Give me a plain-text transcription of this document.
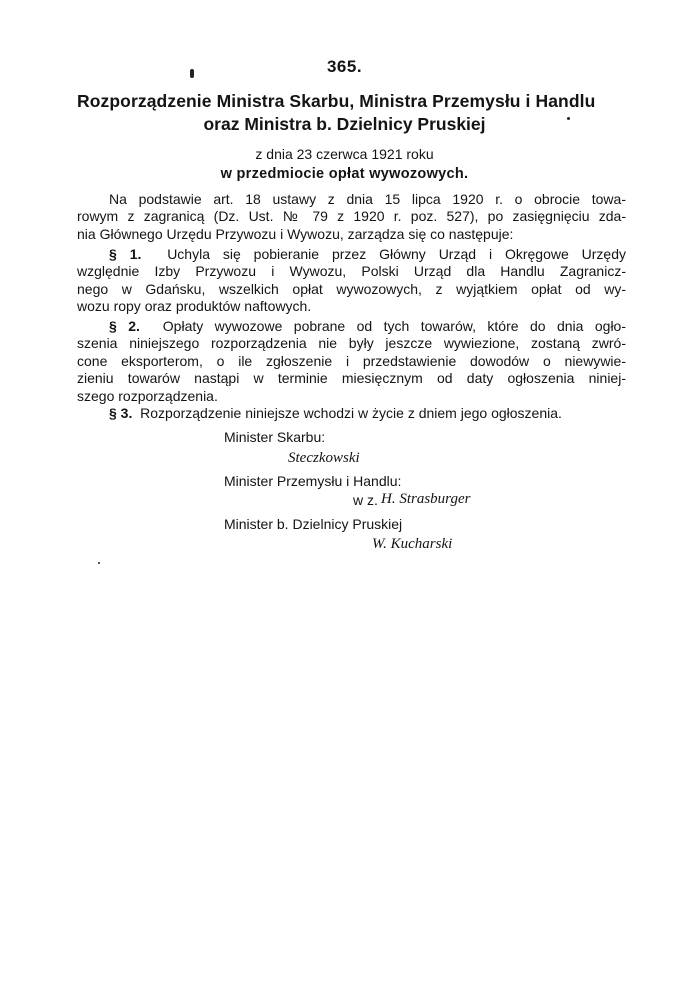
365.
Rozporządzenie Ministra Skarbu, Ministra Przemysłu i Handlu
oraz Ministra b. Dzielnicy Pruskiej
z dnia 23 czerwca 1921 roku
w przedmiocie opłat wywozowych.
Na podstawie art. 18 ustawy z dnia 15 lipca 1920 r. o obrocie towa-
rowym z zagranicą (Dz. Ust. № 79 z 1920 r. poz. 527), po zasięgnięciu zda-
nia Głównego Urzędu Przywozu i Wywozu, zarządza się co następuje:
§ 1. Uchyla się pobieranie przez Główny Urząd i Okręgowe Urzędy
względnie Izby Przywozu i Wywozu, Polski Urząd dla Handlu Zagranicz-
nego w Gdańsku, wszelkich opłat wywozowych, z wyjątkiem opłat od wy-
wozu ropy oraz produktów naftowych.
§ 2. Opłaty wywozowe pobrane od tych towarów, które do dnia ogło-
szenia niniejszego rozporządzenia nie były jeszcze wywiezione, zostaną zwró-
cone eksporterom, o ile zgłoszenie i przedstawienie dowodów o niewywie-
zieniu towarów nastąpi w terminie miesięcznym od daty ogłoszenia niniej-
szego rozporządzenia.
§ 3. Rozporządzenie niniejsze wchodzi w życie z dniem jego ogłoszenia.
Minister Skarbu:
Steczkowski
Minister Przemysłu i Handlu:
w z. H. Strasburger
Minister b. Dzielnicy Pruskiej
W. Kucharski
